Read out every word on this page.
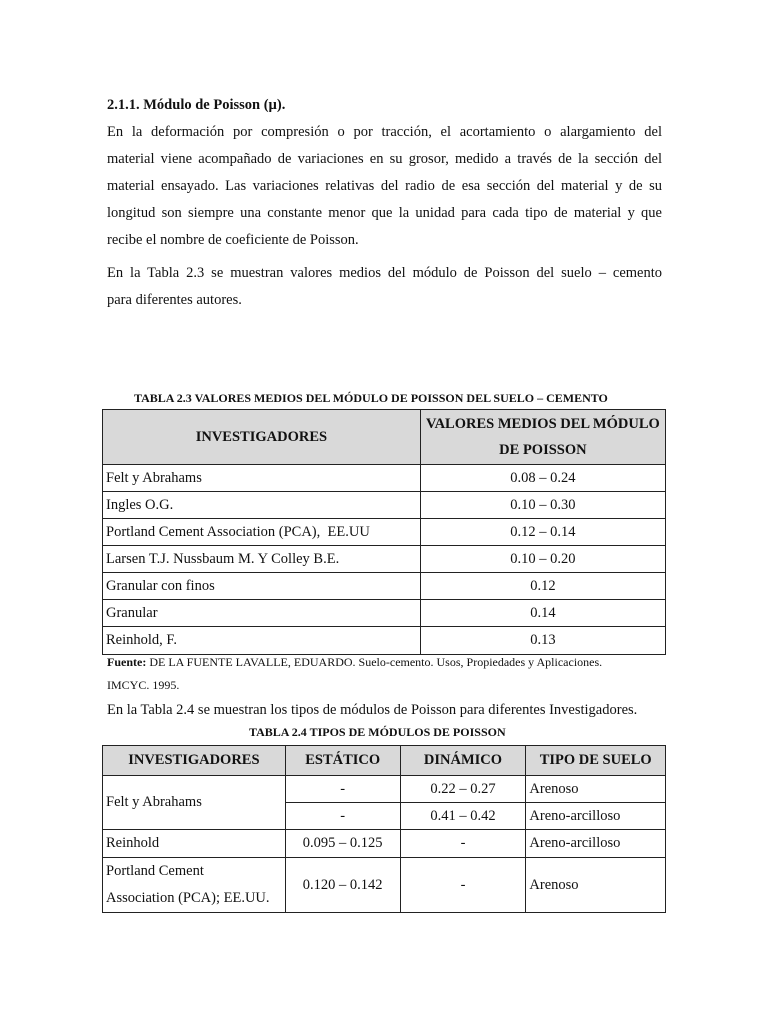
2.1.1. Módulo de Poisson (µ).
En la deformación por compresión o por tracción, el acortamiento o alargamiento del
material viene acompañado de variaciones en su grosor, medido a través de la sección del
material ensayado. Las variaciones relativas del radio de esa sección del material y de su
longitud son siempre una constante menor que la unidad para cada tipo de material y que
recibe el nombre de coeficiente de Poisson.
En la Tabla 2.3 se muestran valores medios del módulo de Poisson del suelo – cemento
para diferentes autores.
TABLA 2.3 VALORES MEDIOS DEL MÓDULO DE POISSON DEL SUELO – CEMENTO
INVESTIGADORES	VALORES MEDIOS DEL MÓDULO
DE POISSON
Felt y Abrahams	0.08 – 0.24
Ingles O.G.	0.10 – 0.30
Portland Cement Association (PCA),  EE.UU	0.12 – 0.14
Larsen T.J. Nussbaum M. Y Colley B.E.	0.10 – 0.20
Granular con finos	0.12
Granular	0.14
Reinhold, F.	0.13
Fuente: DE LA FUENTE LAVALLE, EDUARDO. Suelo-cemento. Usos, Propiedades y Aplicaciones.
IMCYC. 1995.
En la Tabla 2.4 se muestran los tipos de módulos de Poisson para diferentes Investigadores.
TABLA 2.4 TIPOS DE MÓDULOS DE POISSON
INVESTIGADORES	ESTÁTICO	DINÁMICO	TIPO DE SUELO
Felt y Abrahams	-	0.22 – 0.27	Arenoso
	-	0.41 – 0.42	Areno-arcilloso
Reinhold	0.095 – 0.125	-	Areno-arcilloso
Portland Cement
Association (PCA); EE.UU.	0.120 – 0.142	-	Arenoso
